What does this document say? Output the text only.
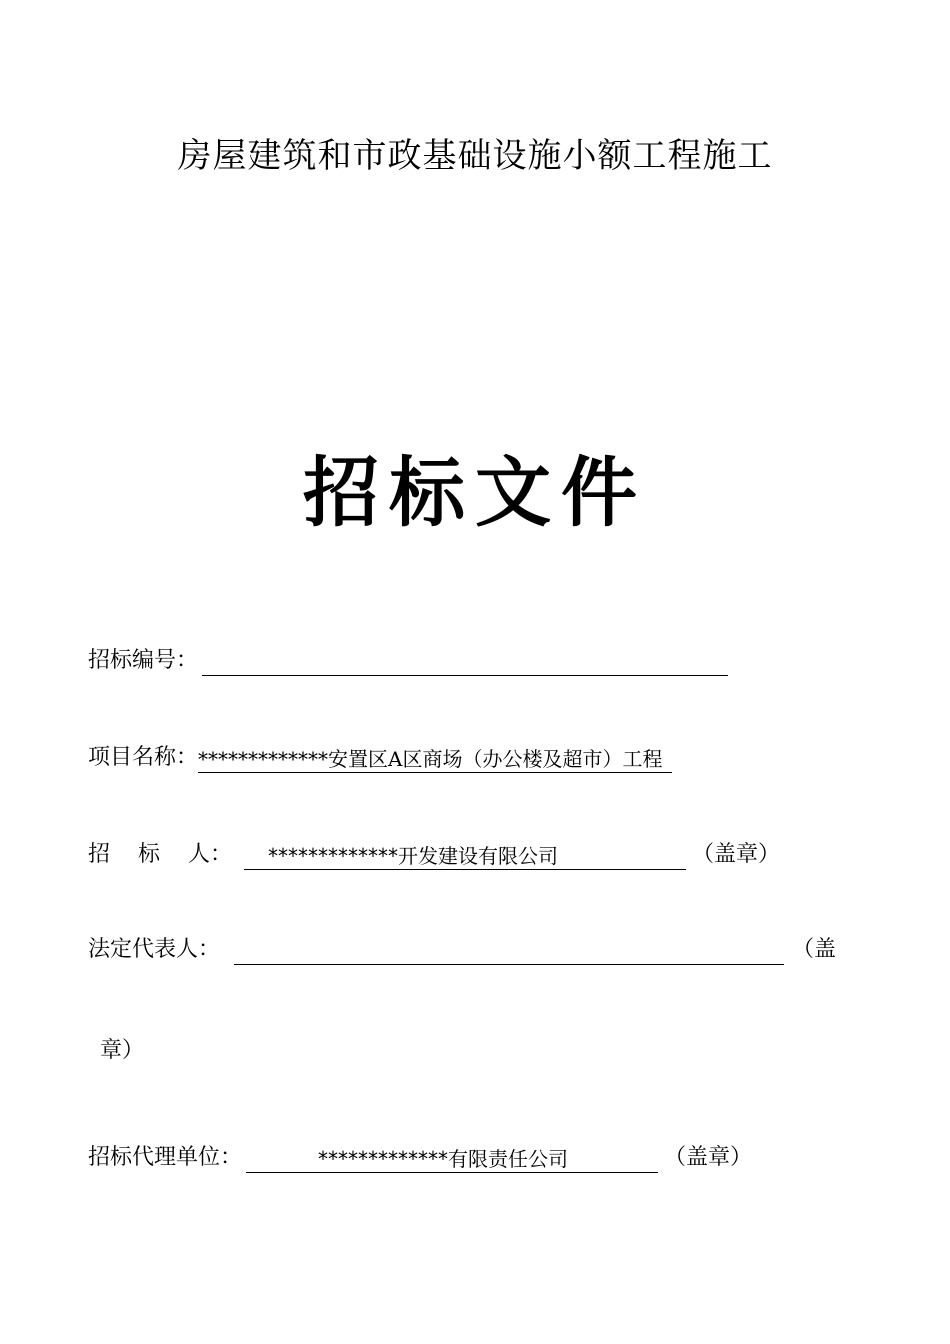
房屋建筑和市政基础设施小额工程施工
招标文件
招标编号：
项目名称：*************安置区A区商场（办公楼及超市）工程
招    标    人： *************开发建设有限公司	（盖章）
法定代表人：	（盖
章）
招标代理单位：	*************有限责任公司	（盖章）
